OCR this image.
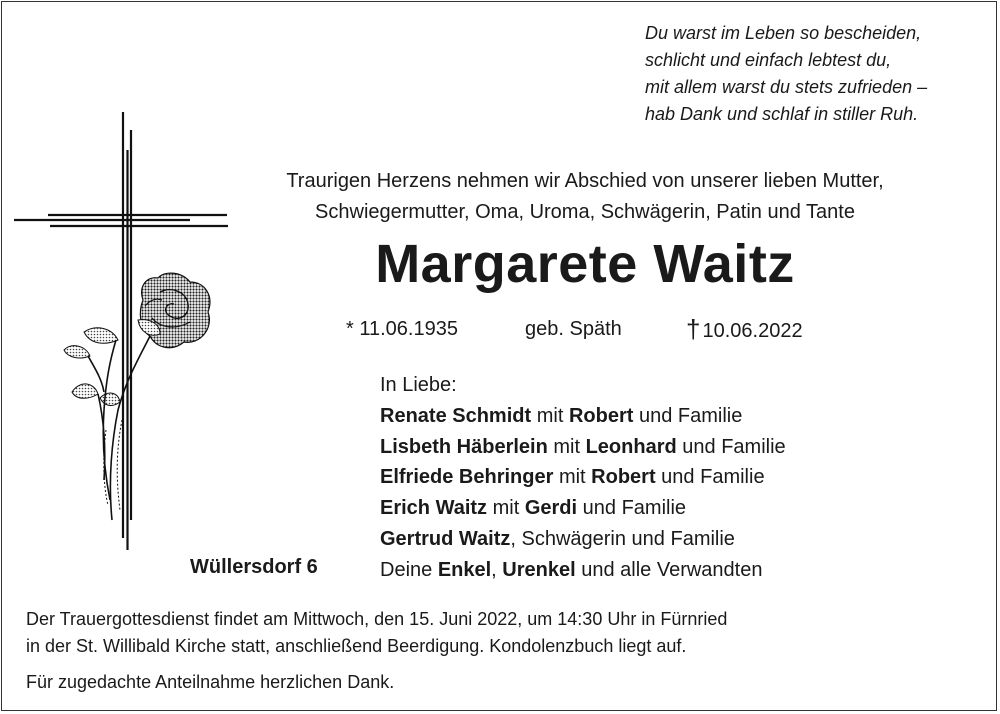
Du warst im Leben so bescheiden,
schlicht und einfach lebtest du,
mit allem warst du stets zufrieden –
hab Dank und schlaf in stiller Ruh.
Traurigen Herzens nehmen wir Abschied von unserer lieben Mutter,
Schwiegermutter, Oma, Uroma, Schwägerin, Patin und Tante
Margarete Waitz
* 11.06.1935	geb. Späth † 10.06.2022
In Liebe:
Renate Schmidt mit Robert und Familie
Lisbeth Häberlein mit Leonhard und Familie
Elfriede Behringer mit Robert und Familie
Erich Waitz mit Gerdi und Familie
Gertrud Waitz, Schwägerin und Familie
Deine Enkel, Urenkel und alle Verwandten
Wüllersdorf 6
Der Trauergottesdienst findet am Mittwoch, den 15. Juni 2022, um 14:30 Uhr in Fürnried
in der St. Willibald Kirche statt, anschließend Beerdigung. Kondolenzbuch liegt auf.
Für zugedachte Anteilnahme herzlichen Dank.
